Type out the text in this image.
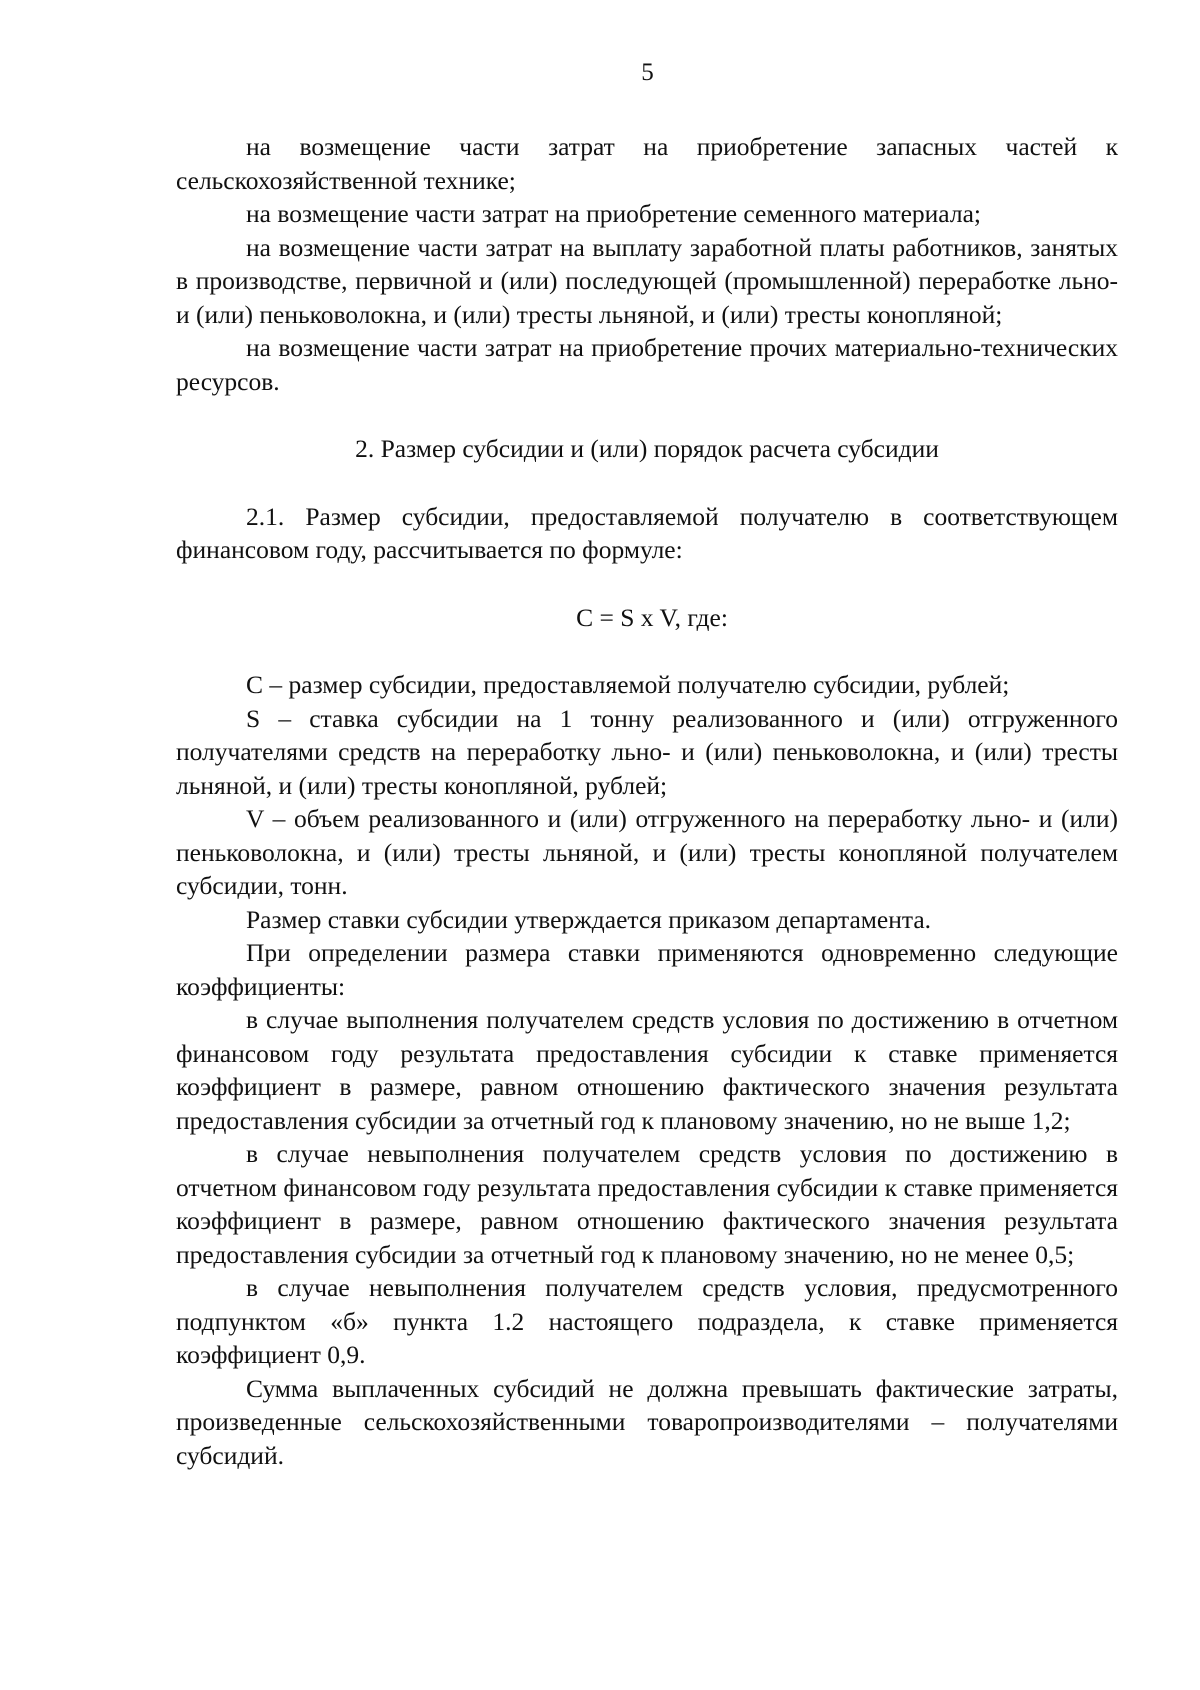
5

на возмещение части затрат на приобретение запасных частей к сельскохозяйственной технике;

на возмещение части затрат на приобретение семенного материала;

на возмещение части затрат на выплату заработной платы работников, занятых в производстве, первичной и (или) последующей (промышленной) переработке льно- и (или) пеньковолокна, и (или) тресты льняной, и (или) тресты конопляной;

на возмещение части затрат на приобретение прочих материально-технических ресурсов.

2. Размер субсидии и (или) порядок расчета субсидии

2.1. Размер субсидии, предоставляемой получателю в соответствующем финансовом году, рассчитывается по формуле:

C = S x V, где:

C – размер субсидии, предоставляемой получателю субсидии, рублей;

S – ставка субсидии на 1 тонну реализованного и (или) отгруженного получателями средств на переработку льно- и (или) пеньковолокна, и (или) тресты льняной, и (или) тресты конопляной, рублей;

V – объем реализованного и (или) отгруженного на переработку льно- и (или) пеньковолокна, и (или) тресты льняной, и (или) тресты конопляной получателем субсидии, тонн.

Размер ставки субсидии утверждается приказом департамента.

При определении размера ставки применяются одновременно следующие коэффициенты:

в случае выполнения получателем средств условия по достижению в отчетном финансовом году результата предоставления субсидии к ставке применяется коэффициент в размере, равном отношению фактического значения результата предоставления субсидии за отчетный год к плановому значению, но не выше 1,2;

в случае невыполнения получателем средств условия по достижению в отчетном финансовом году результата предоставления субсидии к ставке применяется коэффициент в размере, равном отношению фактического значения результата предоставления субсидии за отчетный год к плановому значению, но не менее 0,5;

в случае невыполнения получателем средств условия, предусмотренного подпунктом «б» пункта 1.2 настоящего подраздела, к ставке применяется коэффициент 0,9.

Сумма выплаченных субсидий не должна превышать фактические затраты, произведенные сельскохозяйственными товаропроизводителями – получателями субсидий.
